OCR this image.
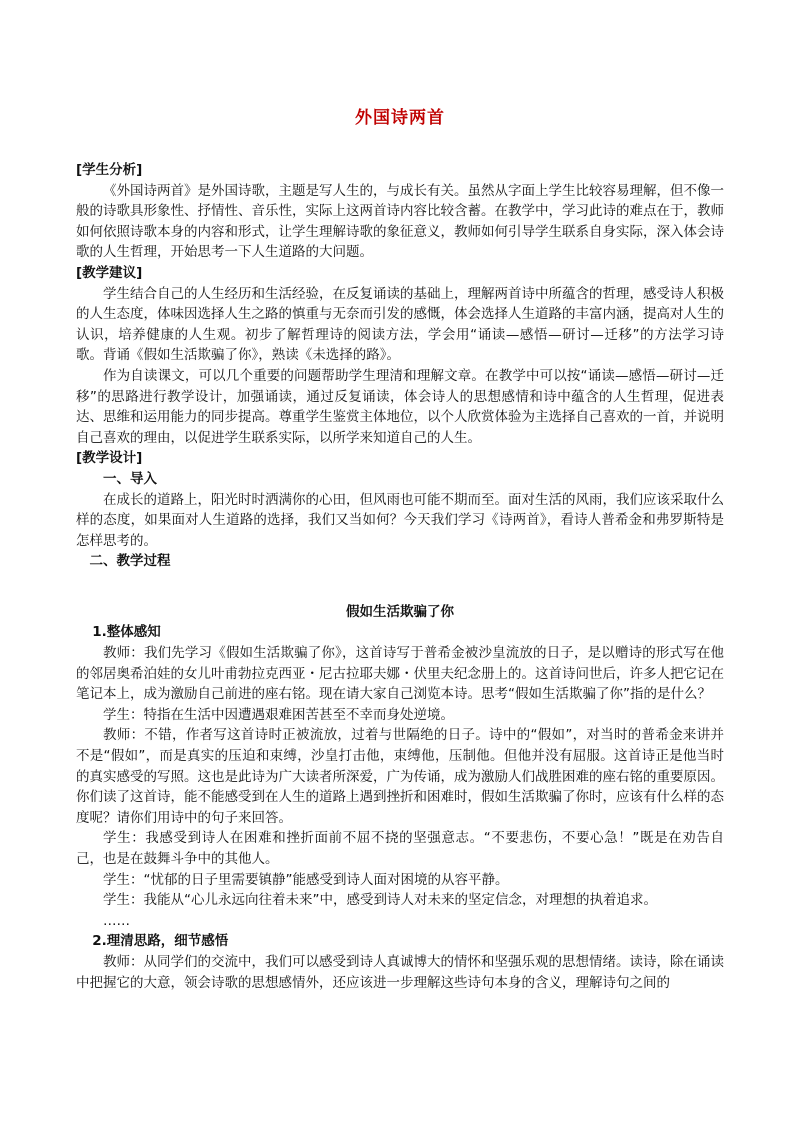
外国诗两首

[学生分析]

《外国诗两首》是外国诗歌，主题是写人生的，与成长有关。虽然从字面上学生比较容易理解，但不像一般的诗歌具形象性、抒情性、音乐性，实际上这两首诗内容比较含蓄。在教学中，学习此诗的难点在于，教师如何依照诗歌本身的内容和形式，让学生理解诗歌的象征意义，教师如何引导学生联系自身实际，深入体会诗歌的人生哲理，开始思考一下人生道路的大问题。

[教学建议]

学生结合自己的人生经历和生活经验，在反复诵读的基础上，理解两首诗中所蕴含的哲理，感受诗人积极的人生态度，体味因选择人生之路的慎重与无奈而引发的感慨，体会选择人生道路的丰富内涵，提高对人生的认识，培养健康的人生观。初步了解哲理诗的阅读方法，学会用“诵读—感悟—研讨—迁移”的方法学习诗歌。背诵《假如生活欺骗了你》，熟读《未选择的路》。

作为自读课文，可以几个重要的问题帮助学生理清和理解文章。在教学中可以按“诵读—感悟—研讨—迁移”的思路进行教学设计，加强诵读，通过反复诵读，体会诗人的思想感情和诗中蕴含的人生哲理，促进表达、思维和运用能力的同步提高。尊重学生鉴赏主体地位，以个人欣赏体验为主选择自己喜欢的一首，并说明自己喜欢的理由，以促进学生联系实际，以所学来知道自己的人生。

[教学设计]

一、导入

在成长的道路上，阳光时时洒满你的心田，但风雨也可能不期而至。面对生活的风雨，我们应该采取什么样的态度，如果面对人生道路的选择，我们又当如何？今天我们学习《诗两首》，看诗人普希金和弗罗斯特是怎样思考的。

二、教学过程

假如生活欺骗了你

1.整体感知

教师：我们先学习《假如生活欺骗了你》，这首诗写于普希金被沙皇流放的日子，是以赠诗的形式写在他的邻居奥希泊娃的女儿叶甫勃拉克西亚・尼古拉耶夫娜・伏里夫纪念册上的。这首诗问世后，许多人把它记在笔记本上，成为激励自己前进的座右铭。现在请大家自己浏览本诗。思考“假如生活欺骗了你”指的是什么？

学生：特指在生活中因遭遇艰难困苦甚至不幸而身处逆境。

教师：不错，作者写这首诗时正被流放，过着与世隔绝的日子。诗中的“假如”，对当时的普希金来讲并不是“假如”，而是真实的压迫和束缚，沙皇打击他，束缚他，压制他。但他并没有屈服。这首诗正是他当时的真实感受的写照。这也是此诗为广大读者所深爱，广为传诵，成为激励人们战胜困难的座右铭的重要原因。你们读了这首诗，能不能感受到在人生的道路上遇到挫折和困难时，假如生活欺骗了你时，应该有什么样的态度呢？请你们用诗中的句子来回答。

学生：我感受到诗人在困难和挫折面前不屈不挠的坚强意志。“不要悲伤，不要心急！”既是在劝告自己，也是在鼓舞斗争中的其他人。

学生：“忧郁的日子里需要镇静”能感受到诗人面对困境的从容平静。

学生：我能从“心儿永远向往着未来”中，感受到诗人对未来的坚定信念，对理想的执着追求。

……

2.理清思路，细节感悟

教师：从同学们的交流中，我们可以感受到诗人真诚博大的情怀和坚强乐观的思想情绪。读诗，除在诵读中把握它的大意，领会诗歌的思想感情外，还应该进一步理解这些诗句本身的含义，理解诗句之间的
